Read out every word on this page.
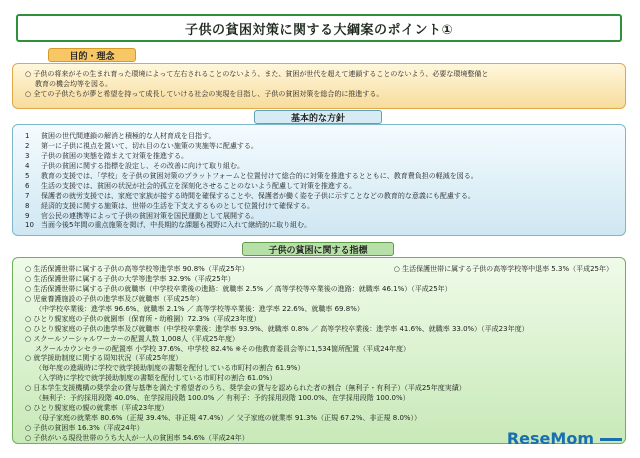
子供の貧困対策に関する大綱案のポイント①
目的・理念
○ 子供の将来がその生まれ育った環境によって左右されることのないよう、また、貧困が世代を超えて連鎖することのないよう、必要な環境整備と
教育の機会均等を図る。
○ 全ての子供たちが夢と希望を持って成長していける社会の実現を目指し、子供の貧困対策を総合的に推進する。
基本的な方針
1 貧困の世代間連鎖の解消と積極的な人材育成を目指す。
2 第一に子供に視点を置いて、切れ目のない施策の実施等に配慮する。
3 子供の貧困の実態を踏まえて対策を推進する。
4 子供の貧困に関する指標を設定し、その改善に向けて取り組む。
5 教育の支援では、「学校」を子供の貧困対策のプラットフォームと位置付けて総合的に対策を推進するとともに、教育費負担の軽減を図る。
6 生活の支援では、貧困の状況が社会的孤立を深刻化させることのないよう配慮して対策を推進する。
7 保護者の就労支援では、家庭で家族が接する時間を確保することや、保護者が働く姿を子供に示すことなどの教育的な意義にも配慮する。
8 経済的支援に関する施策は、世帯の生活を下支えするものとして位置付けて確保する。
9 官公民の連携等によって子供の貧困対策を国民運動として展開する。
10 当面今後5年間の重点施策を掲げ、中長期的な課題も視野に入れて継続的に取り組む。
子供の貧困に関する指標
○ 生活保護世帯に属する子供の高等学校等進学率 90.8%（平成25年）	○ 生活保護世帯に属する子供の高等学校等中退率 5.3%（平成25年）
○ 生活保護世帯に属する子供の大学等進学率 32.9%（平成25年）
○ 生活保護世帯に属する子供の就職率（中学校卒業後の進路：就職率 2.5% ／ 高等学校等卒業後の進路：就職率 46.1%）（平成25年）
○ 児童養護施設の子供の進学率及び就職率（平成25年）
（中学校卒業後：進学率 96.6%、就職率 2.1% ／ 高等学校等卒業後：進学率 22.6%、就職率 69.8%）
○ ひとり親家庭の子供の就園率（保育所・幼稚園）72.3%（平成23年度）
○ ひとり親家庭の子供の進学率及び就職率（中学校卒業後：進学率 93.9%、就職率 0.8% ／ 高等学校卒業後：進学率 41.6%、就職率 33.0%）（平成23年度）
○ スクールソーシャルワーカーの配置人数 1,008人（平成25年度）
スクールカウンセラーの配置率 小学校 37.6%、中学校 82.4% ※その他教育委員会等に1,534箇所配置（平成24年度）
○ 就学援助制度に関する周知状況（平成25年度）
（毎年度の進級時に学校で就学援助制度の書類を配付している市町村の割合 61.9%）
（入学時に学校で就学援助制度の書類を配付している市町村の割合 61.0%）
○ 日本学生支援機構の奨学金の貸与基準を満たす希望者のうち、奨学金の貸与を認められた者の割合（無利子・有利子）（平成25年度実績）
（無利子：予約採用段階 40.0%、在学採用段階 100.0% ／ 有利子：予約採用段階 100.0%、在学採用段階 100.0%）
○ ひとり親家庭の親の就業率（平成23年度）
（母子家庭の就業率 80.6%（正規 39.4%、非正規 47.4%）／ 父子家庭の就業率 91.3%（正規 67.2%、非正規 8.0%））
○ 子供の貧困率 16.3%（平成24年）
○ 子供がいる現役世帯のうち大人が一人の貧困率 54.6%（平成24年）	ReseMom
